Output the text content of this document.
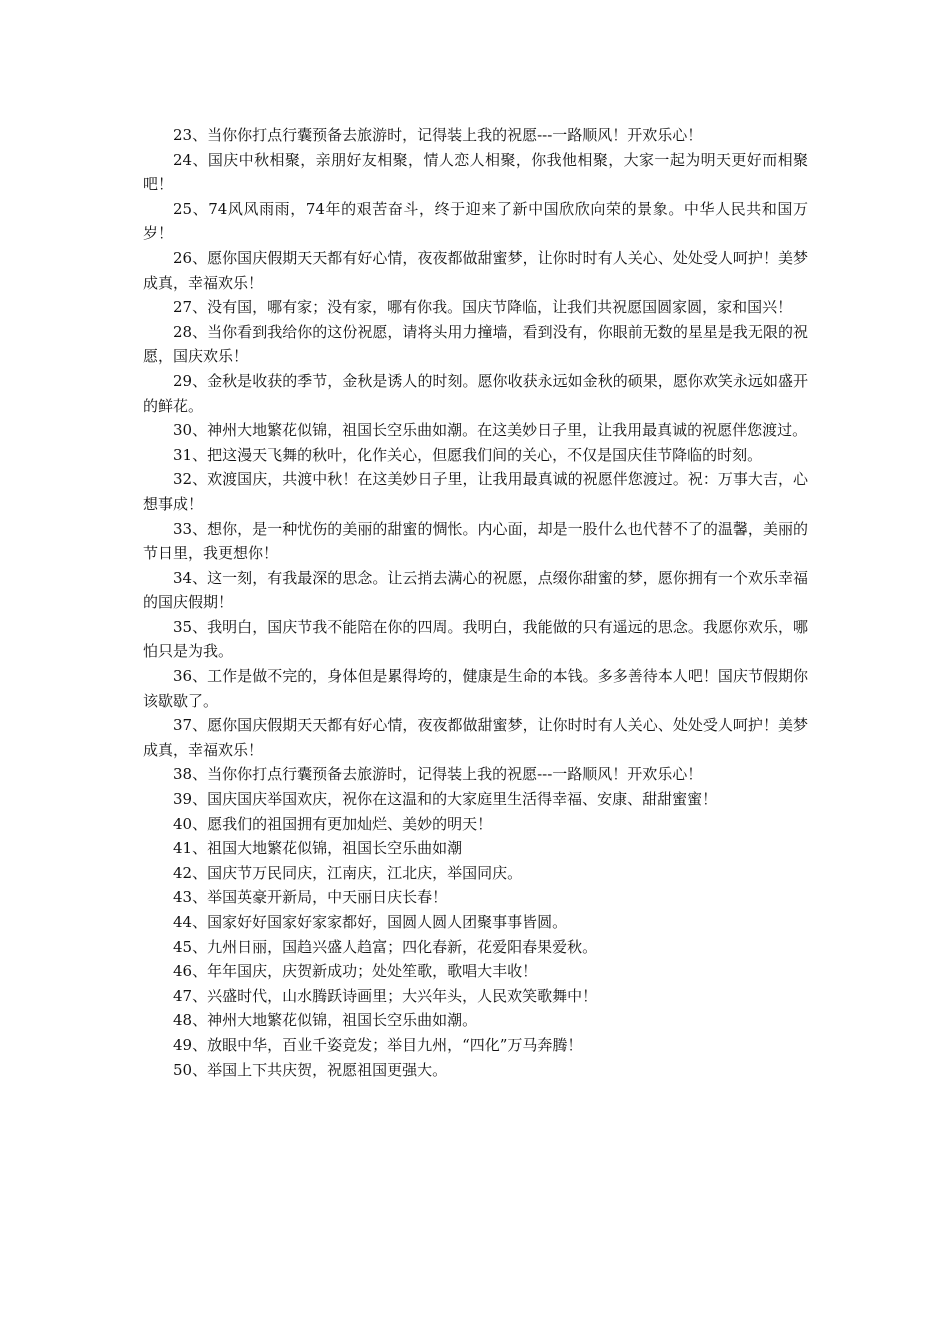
23、当你你打点行囊预备去旅游时，记得装上我的祝愿---一路顺风！开欢乐心！

24、国庆中秋相聚，亲朋好友相聚，情人恋人相聚，你我他相聚，大家一起为明天更好而相聚吧！

25、74风风雨雨，74年的艰苦奋斗，终于迎来了新中国欣欣向荣的景象。中华人民共和国万岁！

26、愿你国庆假期天天都有好心情，夜夜都做甜蜜梦，让你时时有人关心、处处受人呵护！美梦成真，幸福欢乐！

27、没有国，哪有家；没有家，哪有你我。国庆节降临，让我们共祝愿国圆家圆，家和国兴！

28、当你看到我给你的这份祝愿，请将头用力撞墙，看到没有，你眼前无数的星星是我无限的祝愿，国庆欢乐！

29、金秋是收获的季节，金秋是诱人的时刻。愿你收获永远如金秋的硕果，愿你欢笑永远如盛开的鲜花。

30、神州大地繁花似锦，祖国长空乐曲如潮。在这美妙日子里，让我用最真诚的祝愿伴您渡过。

31、把这漫天飞舞的秋叶，化作关心，但愿我们间的关心，不仅是国庆佳节降临的时刻。

32、欢渡国庆，共渡中秋！在这美妙日子里，让我用最真诚的祝愿伴您渡过。祝：万事大吉，心想事成！

33、想你，是一种忧伤的美丽的甜蜜的惆怅。内心面，却是一股什么也代替不了的温馨，美丽的节日里，我更想你！

34、这一刻，有我最深的思念。让云捎去满心的祝愿，点缀你甜蜜的梦，愿你拥有一个欢乐幸福的国庆假期！

35、我明白，国庆节我不能陪在你的四周。我明白，我能做的只有遥远的思念。我愿你欢乐，哪怕只是为我。

36、工作是做不完的，身体但是累得垮的，健康是生命的本钱。多多善待本人吧！国庆节假期你该歇歇了。

37、愿你国庆假期天天都有好心情，夜夜都做甜蜜梦，让你时时有人关心、处处受人呵护！美梦成真，幸福欢乐！

38、当你你打点行囊预备去旅游时，记得装上我的祝愿---一路顺风！开欢乐心！

39、国庆国庆举国欢庆，祝你在这温和的大家庭里生活得幸福、安康、甜甜蜜蜜！

40、愿我们的祖国拥有更加灿烂、美妙的明天！

41、祖国大地繁花似锦，祖国长空乐曲如潮

42、国庆节万民同庆，江南庆，江北庆，举国同庆。

43、举国英豪开新局，中天丽日庆长春！

44、国家好好国家好家家都好，国圆人圆人团聚事事皆圆。

45、九州日丽，国趋兴盛人趋富；四化春新，花爱阳春果爱秋。

46、年年国庆，庆贺新成功；处处笙歌，歌唱大丰收！

47、兴盛时代，山水腾跃诗画里；大兴年头，人民欢笑歌舞中！

48、神州大地繁花似锦，祖国长空乐曲如潮。

49、放眼中华，百业千姿竞发；举目九州，“四化”万马奔腾！

50、举国上下共庆贺，祝愿祖国更强大。
